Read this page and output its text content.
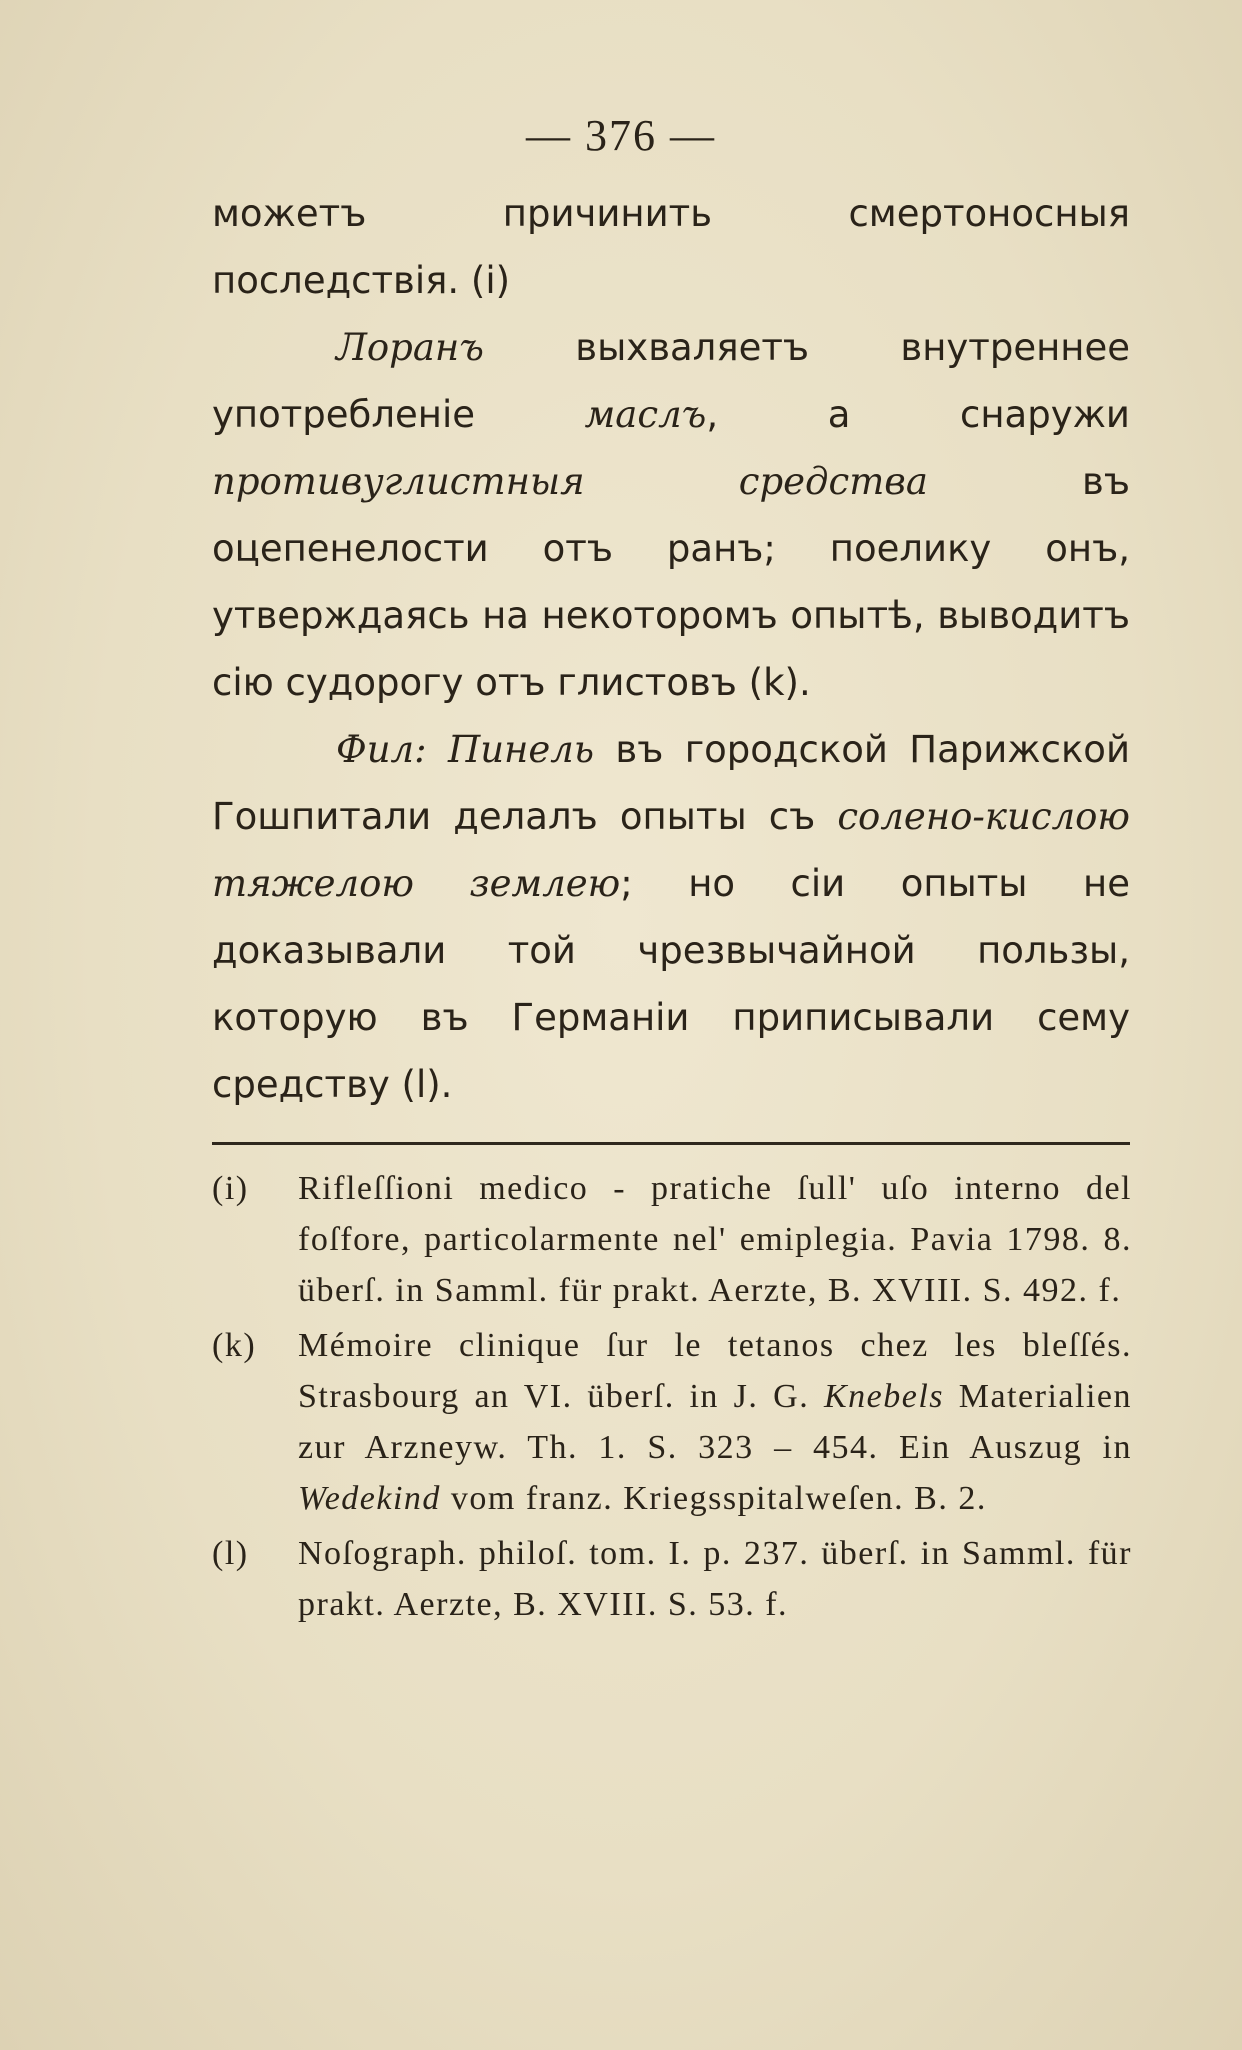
— 376 —

можетъ причинить смертоносныя последствія. (i)

Лоранъ выхваляетъ внутреннее употребленіе маслъ, а снаружи противуглистныя средства въ оцепенелости отъ ранъ; поелику онъ, утверждаясь на некоторомъ опытѣ, выводитъ сію судорогу отъ глистовъ (k).

Фил: Пинель въ городской Парижской Гошпитали делалъ опыты съ солено-кислою тяжелою землею; но сіи опыты не доказывали той чрезвычайной пользы, которую въ Германіи приписывали сему средству (l).

(i)	Rifleſſioni medico - pratiche ſull' uſo interno del foſfore, particolarmente nel' emiplegia. Pavia 1798. 8. überſ. in Samml. für prakt. Aerzte, B. XVIII. S. 492. f.
(k)	Mémoire clinique ſur le tetanos chez les bleſſés. Strasbourg an VI. überſ. in J. G. Knebels Materialien zur Arzneyw. Th. 1. S. 323 – 454. Ein Auszug in Wedekind vom franz. Kriegsspitalweſen. B. 2.
(l)	Noſograph. philoſ. tom. I. p. 237. überſ. in Samml. für prakt. Aerzte, B. XVIII. S. 53. f.
